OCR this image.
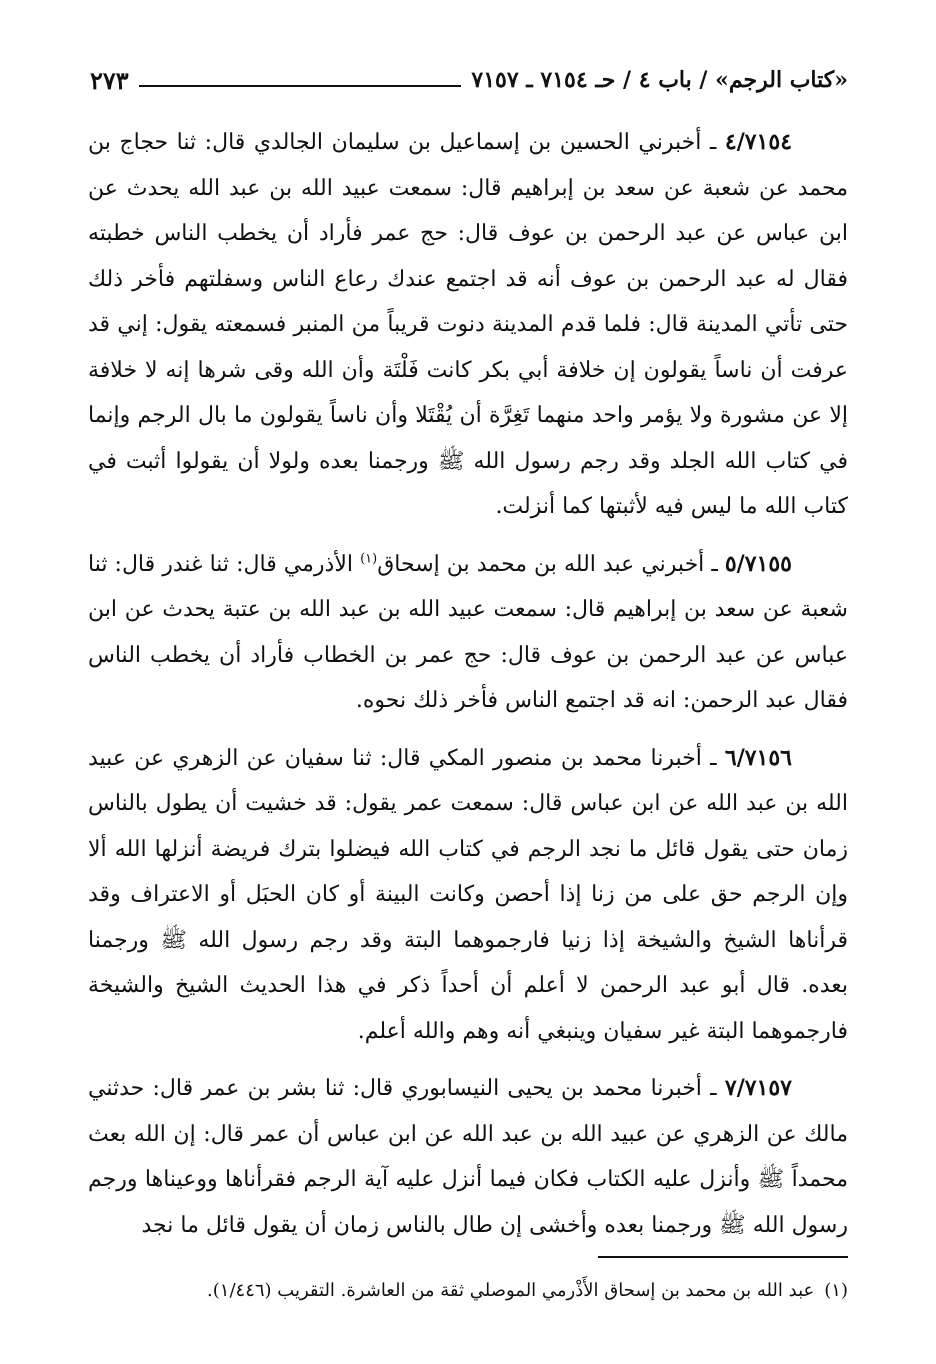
«كتاب الرجم» / باب ٤ / حـ ٧١٥٤ ـ ٧١٥٧
٢٧٣

٤/٧١٥٤ ـ أخبرني الحسين بن إسماعيل بن سليمان الجالدي قال: ثنا حجاج بن محمد عن شعبة عن سعد بن إبراهيم قال: سمعت عبيد الله بن عبد الله يحدث عن ابن عباس عن عبد الرحمن بن عوف قال: حج عمر فأراد أن يخطب الناس خطبته فقال له عبد الرحمن بن عوف أنه قد اجتمع عندك رعاع الناس وسفلتهم فأخر ذلك حتى تأتي المدينة قال: فلما قدم المدينة دنوت قريباً من المنبر فسمعته يقول: إني قد عرفت أن ناساً يقولون إن خلافة أبي بكر كانت فَلْتَة وأن الله وقى شرها إنه لا خلافة إلا عن مشورة ولا يؤمر واحد منهما تَغِرَّة أن يُقْتَلا وأن ناساً يقولون ما بال الرجم وإنما في كتاب الله الجلد وقد رجم رسول الله ﷺ ورجمنا بعده ولولا أن يقولوا أثبت في كتاب الله ما ليس فيه لأثبتها كما أنزلت.

٥/٧١٥٥ ـ أخبرني عبد الله بن محمد بن إسحاق$^{(١)}$ الأذرمي قال: ثنا غندر قال: ثنا شعبة عن سعد بن إبراهيم قال: سمعت عبيد الله بن عبد الله بن عتبة يحدث عن ابن عباس عن عبد الرحمن بن عوف قال: حج عمر بن الخطاب فأراد أن يخطب الناس فقال عبد الرحمن: انه قد اجتمع الناس فأخر ذلك نحوه.

٦/٧١٥٦ ـ أخبرنا محمد بن منصور المكي قال: ثنا سفيان عن الزهري عن عبيد الله بن عبد الله عن ابن عباس قال: سمعت عمر يقول: قد خشيت أن يطول بالناس زمان حتى يقول قائل ما نجد الرجم في كتاب الله فيضلوا بترك فريضة أنزلها الله ألا وإن الرجم حق على من زنا إذا أحصن وكانت البينة أو كان الحبَل أو الاعتراف وقد قرأناها الشيخ والشيخة إذا زنيا فارجموهما البتة وقد رجم رسول الله ﷺ ورجمنا بعده. قال أبو عبد الرحمن لا أعلم أن أحداً ذكر في هذا الحديث الشيخ والشيخة فارجموهما البتة غير سفيان وينبغي أنه وهم والله أعلم.

٧/٧١٥٧ ـ أخبرنا محمد بن يحيى النيسابوري قال: ثنا بشر بن عمر قال: حدثني مالك عن الزهري عن عبيد الله بن عبد الله عن ابن عباس أن عمر قال: إن الله بعث محمداً ﷺ وأنزل عليه الكتاب فكان فيما أنزل عليه آية الرجم فقرأناها ووعيناها ورجم رسول الله ﷺ ورجمنا بعده وأخشى إن طال بالناس زمان أن يقول قائل ما نجد

(١)عبد الله بن محمد بن إسحاق الأَذْرمي الموصلي ثقة من العاشرة. التقريب (١/٤٤٦).
